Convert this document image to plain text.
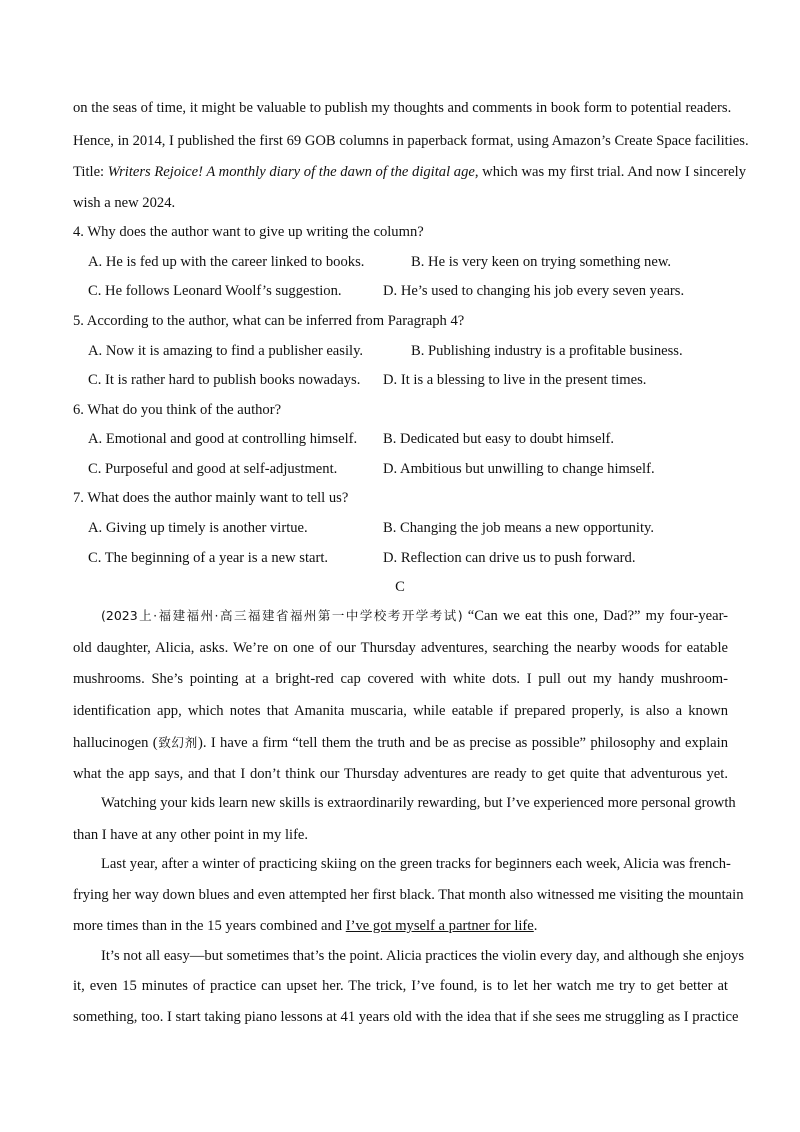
on the seas of time, it might be valuable to publish my thoughts and comments in book form to potential readers.
Hence, in 2014, I published the first 69 GOB columns in paperback format, using Amazon’s Create Space facilities.
Title: Writers Rejoice! A monthly diary of the dawn of the digital age, which was my first trial. And now I sincerely
wish a new 2024.
4. Why does the author want to give up writing the column?
A. He is fed up with the career linked to books.	B. He is very keen on trying something new.
C. He follows Leonard Woolf’s suggestion.	D. He’s used to changing his job every seven years.
5. According to the author, what can be inferred from Paragraph 4?
A. Now it is amazing to find a publisher easily.	B. Publishing industry is a profitable business.
C. It is rather hard to publish books nowadays. D. It is a blessing to live in the present times.
6. What do you think of the author?
A. Emotional and good at controlling himself. B. Dedicated but easy to doubt himself.
C. Purposeful and good at self-adjustment.	D. Ambitious but unwilling to change himself.
7. What does the author mainly want to tell us?
A. Giving up timely is another virtue.	B. Changing the job means a new opportunity.
C. The beginning of a year is a new start.	D. Reflection can drive us to push forward.
C
(2023上·福建福州·高三福建省福州第一中学校考开学考试) “Can we eat this one, Dad?” my four-year-
old daughter, Alicia, asks. We’re on one of our Thursday adventures, searching the nearby woods for eatable
mushrooms. She’s pointing at a bright-red cap covered with white dots. I pull out my handy mushroom-
identification app, which notes that Amanita muscaria, while eatable if prepared properly, is also a known
hallucinogen (致幻剂). I have a firm “tell them the truth and be as precise as possible” philosophy and explain
what the app says, and that I don’t think our Thursday adventures are ready to get quite that adventurous yet.
Watching your kids learn new skills is extraordinarily rewarding, but I’ve experienced more personal growth
than I have at any other point in my life.
Last year, after a winter of practicing skiing on the green tracks for beginners each week, Alicia was french-
frying her way down blues and even attempted her first black. That month also witnessed me visiting the mountain
more times than in the 15 years combined and I’ve got myself a partner for life.
It’s not all easy—but sometimes that’s the point. Alicia practices the violin every day, and although she enjoys
it, even 15 minutes of practice can upset her. The trick, I’ve found, is to let her watch me try to get better at
something, too. I start taking piano lessons at 41 years old with the idea that if she sees me struggling as I practice
